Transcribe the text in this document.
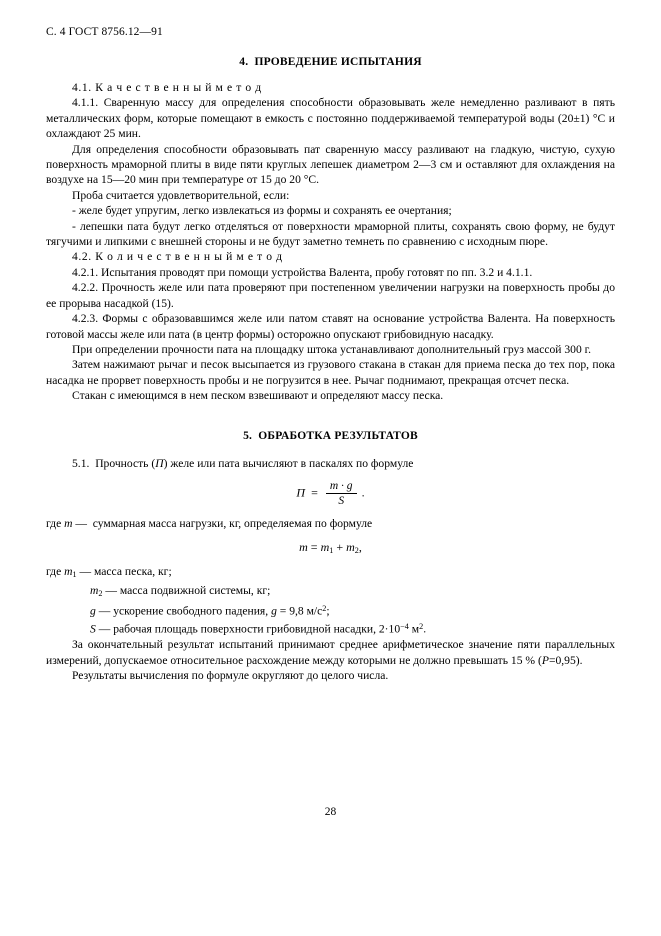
С. 4 ГОСТ 8756.12—91
4. ПРОВЕДЕНИЕ ИСПЫТАНИЯ

4.1. К а ч е с т в е н н ы й м е т о д

4.1.1. Сваренную массу для определения способности образовывать желе немедленно разливают в пять металлических форм, которые помещают в емкость с постоянно поддерживаемой температурой воды (20±1) °С и охлаждают 25 мин.

Для определения способности образовывать пат сваренную массу разливают на гладкую, чистую, сухую поверхность мраморной плиты в виде пяти круглых лепешек диаметром 2—3 см и оставляют для охлаждения на воздухе на 15—20 мин при температуре от 15 до 20 °С.

Проба считается удовлетворительной, если:

- желе будет упругим, легко извлекаться из формы и сохранять ее очертания;

- лепешки пата будут легко отделяться от поверхности мраморной плиты, сохранять свою форму, не будут тягучими и липкими с внешней стороны и не будут заметно темнеть по сравнению с исходным пюре.

4.2. К о л и ч е с т в е н н ы й м е т о д

4.2.1. Испытания проводят при помощи устройства Валента, пробу готовят по пп. 3.2 и 4.1.1.

4.2.2. Прочность желе или пата проверяют при постепенном увеличении нагрузки на поверхность пробы до ее прорыва насадкой (15).

4.2.3. Формы с образовавшимся желе или патом ставят на основание устройства Валента. На поверхность готовой массы желе или пата (в центр формы) осторожно опускают грибовидную насадку.

При определении прочности пата на площадку штока устанавливают дополнительный груз массой 300 г.

Затем нажимают рычаг и песок высыпается из грузового стакана в стакан для приема песка до тех пор, пока насадка не прорвет поверхность пробы и не погрузится в нее. Рычаг поднимают, прекращая отсчет песка.

Стакан с имеющимся в нем песком взвешивают и определяют массу песка.

5. ОБРАБОТКА РЕЗУЛЬТАТОВ

5.1.  Прочность (П) желе или пата вычисляют в паскалях по формуле

$П = \frac{m \cdot g}{S}$ .

где m —  суммарная масса нагрузки, кг, определяемая по формуле

$m = m_1 + m_2$,

где $m_1$ — масса песка, кг;

$m_2$ — масса подвижной системы, кг;

g — ускорение свободного падения, g = 9,8 $м/с^2$;

S — рабочая площадь поверхности грибовидной насадки, $2\cdot 10^{-4}$ $м^2$.

За окончательный результат испытаний принимают среднее арифметическое значение пяти параллельных измерений, допускаемое относительное расхождение между которыми не должно превышать 15 % (P=0,95).

Результаты вычисления по формуле округляют до целого числа.

28
